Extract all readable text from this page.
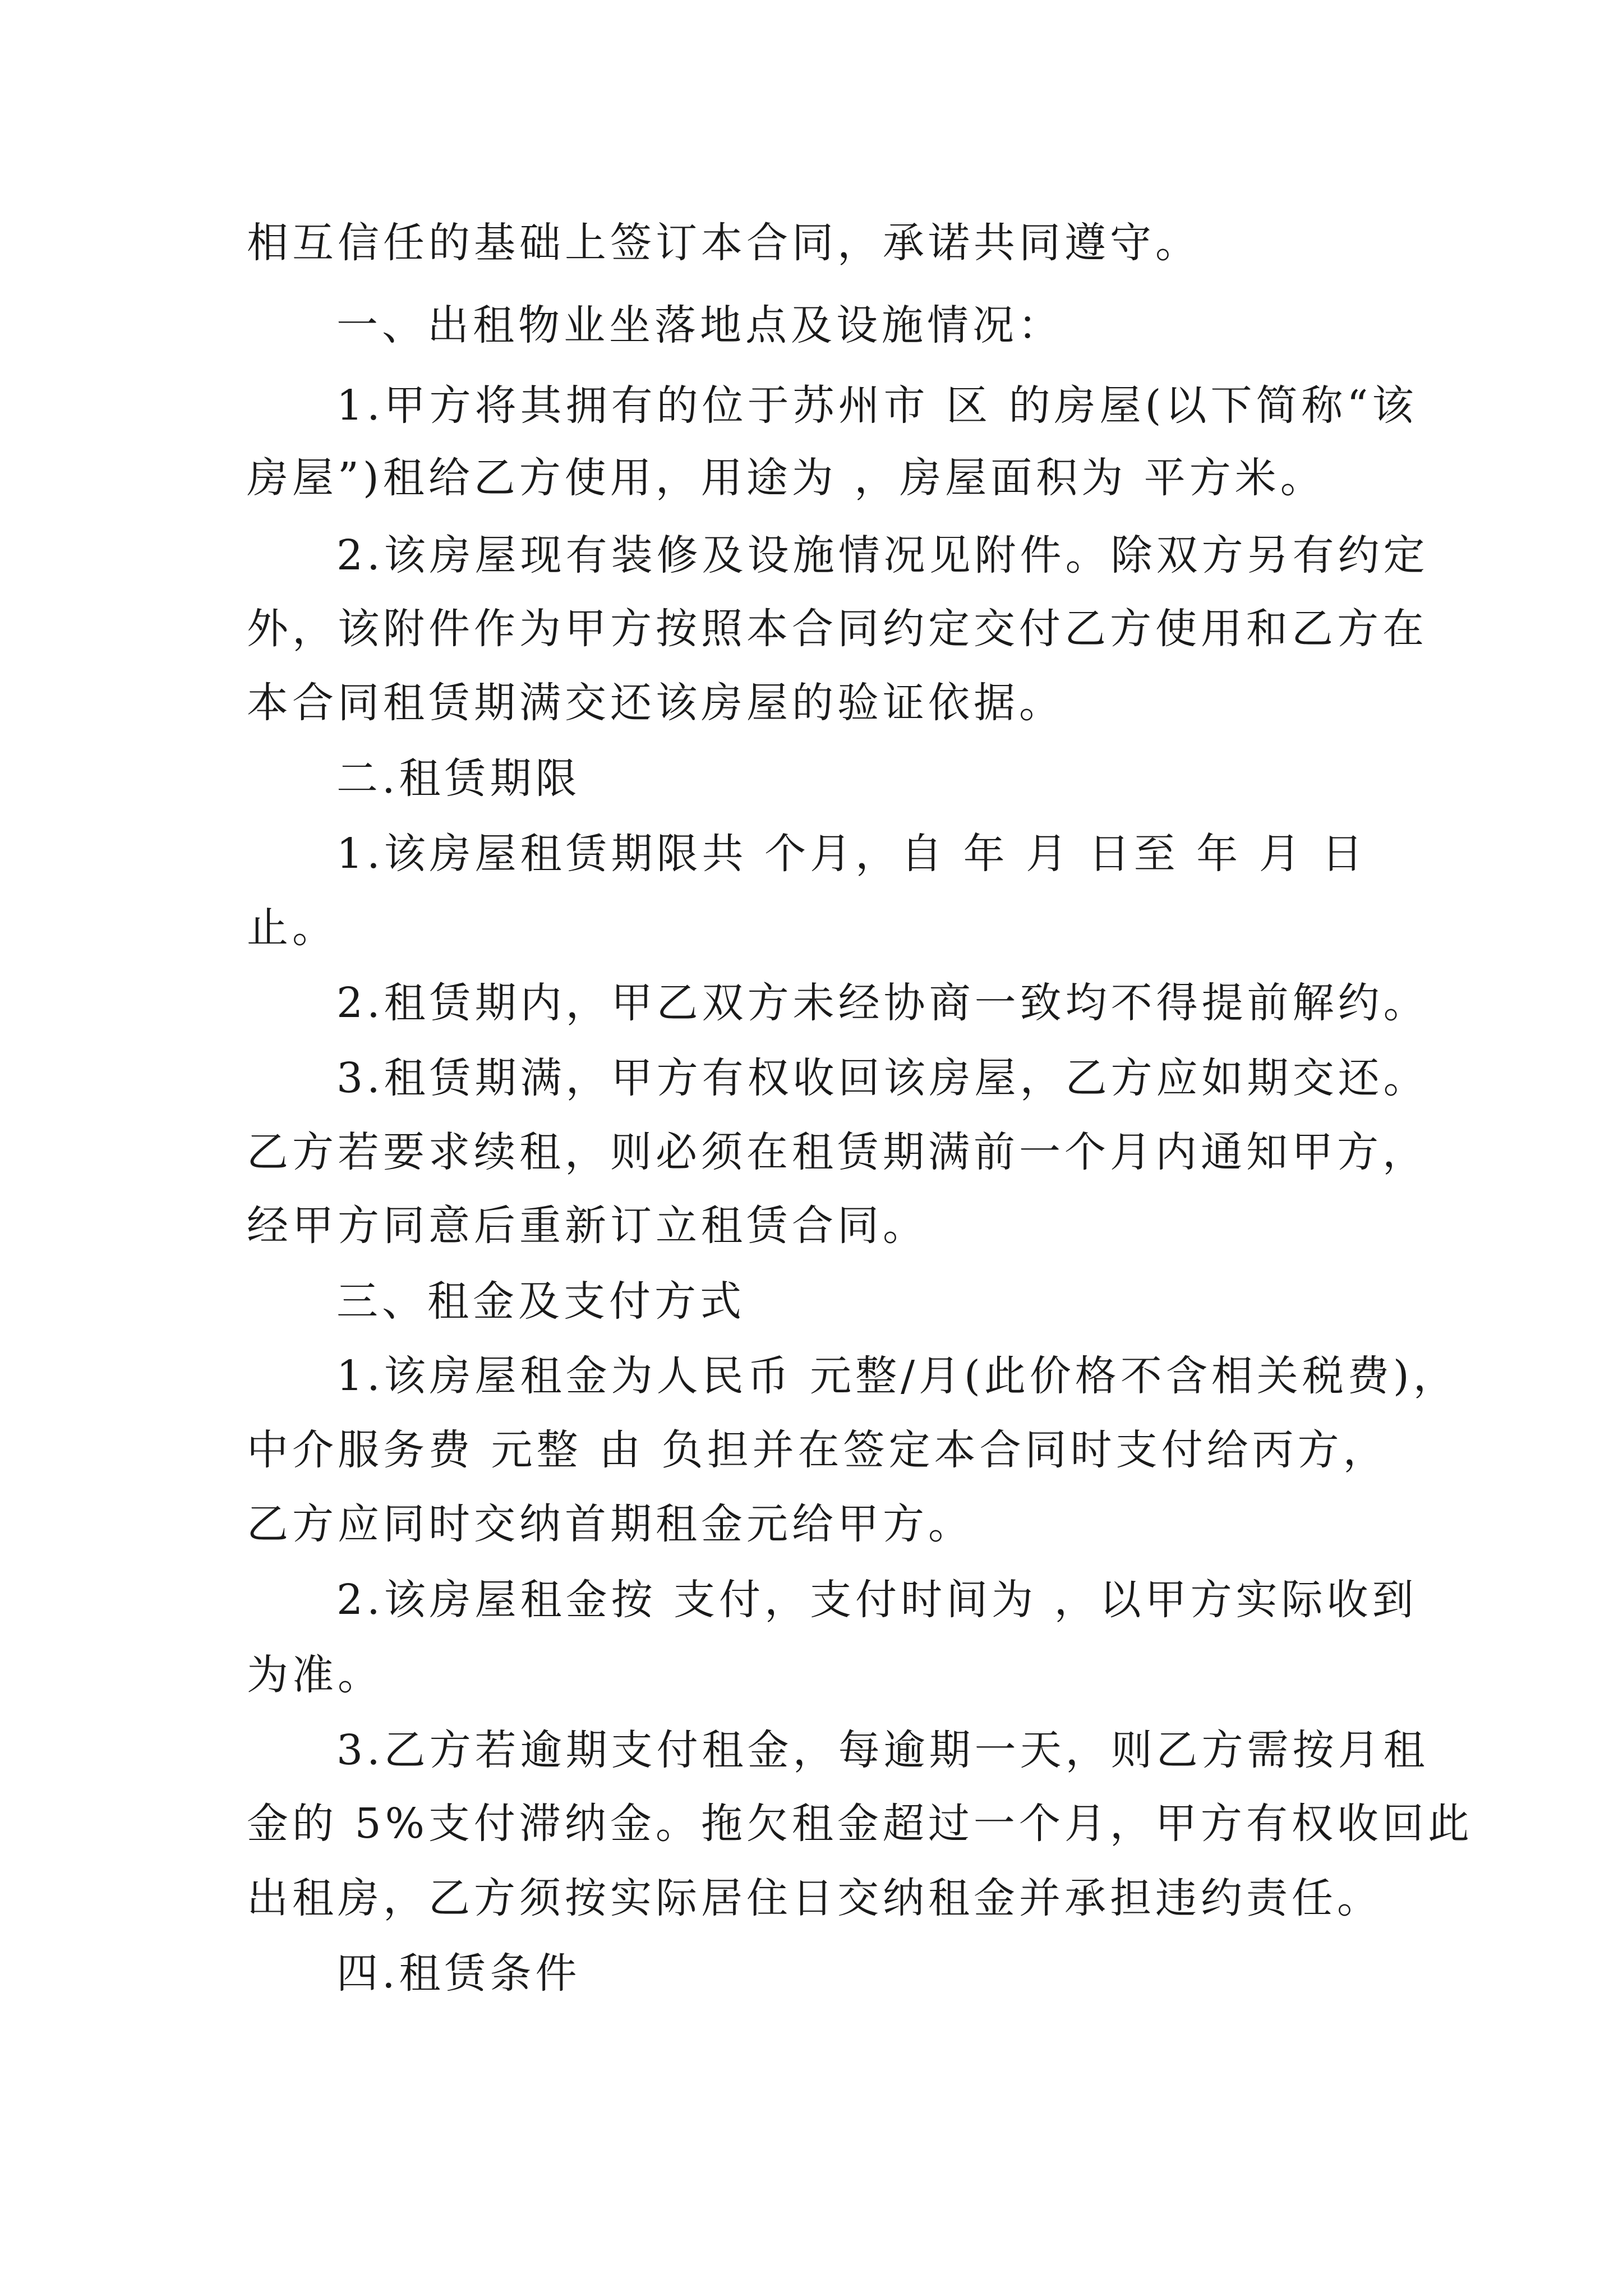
相互信任的基础上签订本合同，承诺共同遵守。
一、出租物业坐落地点及设施情况：
1.甲方将其拥有的位于苏州市 区 的房屋(以下简称“该
房屋”)租给乙方使用，用途为 ，房屋面积为 平方米。
2.该房屋现有装修及设施情况见附件。除双方另有约定
外，该附件作为甲方按照本合同约定交付乙方使用和乙方在
本合同租赁期满交还该房屋的验证依据。
二.租赁期限
1.该房屋租赁期限共 个月，自 年 月 日至 年 月 日
止。
2.租赁期内，甲乙双方未经协商一致均不得提前解约。
3.租赁期满，甲方有权收回该房屋，乙方应如期交还。
乙方若要求续租，则必须在租赁期满前一个月内通知甲方，
经甲方同意后重新订立租赁合同。
三、租金及支付方式
1.该房屋租金为人民币 元整/月(此价格不含相关税费)，
中介服务费 元整 由 负担并在签定本合同时支付给丙方，
乙方应同时交纳首期租金元给甲方。
2.该房屋租金按 支付，支付时间为 ，以甲方实际收到
为准。
3.乙方若逾期支付租金，每逾期一天，则乙方需按月租
金的 5%支付滞纳金。拖欠租金超过一个月，甲方有权收回此
出租房，乙方须按实际居住日交纳租金并承担违约责任。
四.租赁条件
